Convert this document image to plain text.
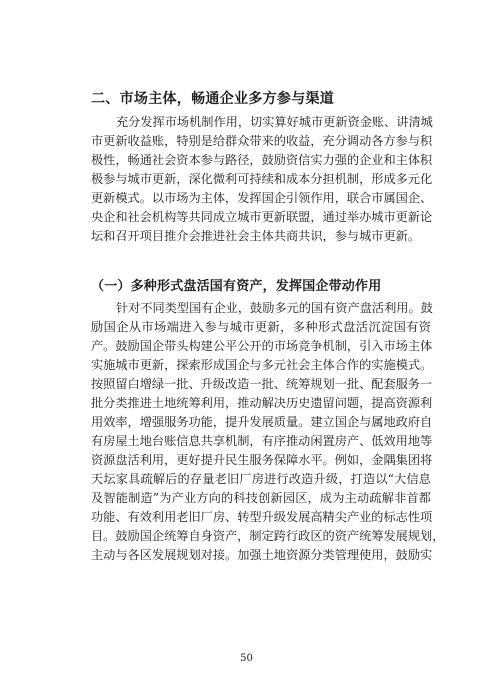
二、市场主体，畅通企业多方参与渠道
充分发挥市场机制作用，切实算好城市更新资金账、讲清城
市更新收益账，特别是给群众带来的收益，充分调动各方参与积
极性，畅通社会资本参与路径，鼓励资信实力强的企业和主体积
极参与城市更新，深化微利可持续和成本分担机制，形成多元化
更新模式。以市场为主体，发挥国企引领作用，联合市属国企、
央企和社会机构等共同成立城市更新联盟，通过举办城市更新论
坛和召开项目推介会推进社会主体共商共识，参与城市更新。
（一）多种形式盘活国有资产，发挥国企带动作用
针对不同类型国有企业，鼓励多元的国有资产盘活利用。鼓
励国企从市场端进入参与城市更新，多种形式盘活沉淀国有资
产。鼓励国企带头构建公平公开的市场竞争机制，引入市场主体
实施城市更新，探索形成国企与多元社会主体合作的实施模式。
按照留白增绿一批、升级改造一批、统筹规划一批、配套服务一
批分类推进土地统筹利用，推动解决历史遗留问题，提高资源利
用效率，增强服务功能，提升发展质量。建立国企与属地政府自
有房屋土地台账信息共享机制，有序推动闲置房产、低效用地等
资源盘活利用，更好提升民生服务保障水平。例如，金隅集团将
天坛家具疏解后的存量老旧厂房进行改造升级，打造以“大信息
及智能制造”为产业方向的科技创新园区，成为主动疏解非首都
功能、有效利用老旧厂房、转型升级发展高精尖产业的标志性项
目。鼓励国企统筹自身资产，制定跨行政区的资产统筹发展规划，
主动与各区发展规划对接。加强土地资源分类管理使用，鼓励实
50
